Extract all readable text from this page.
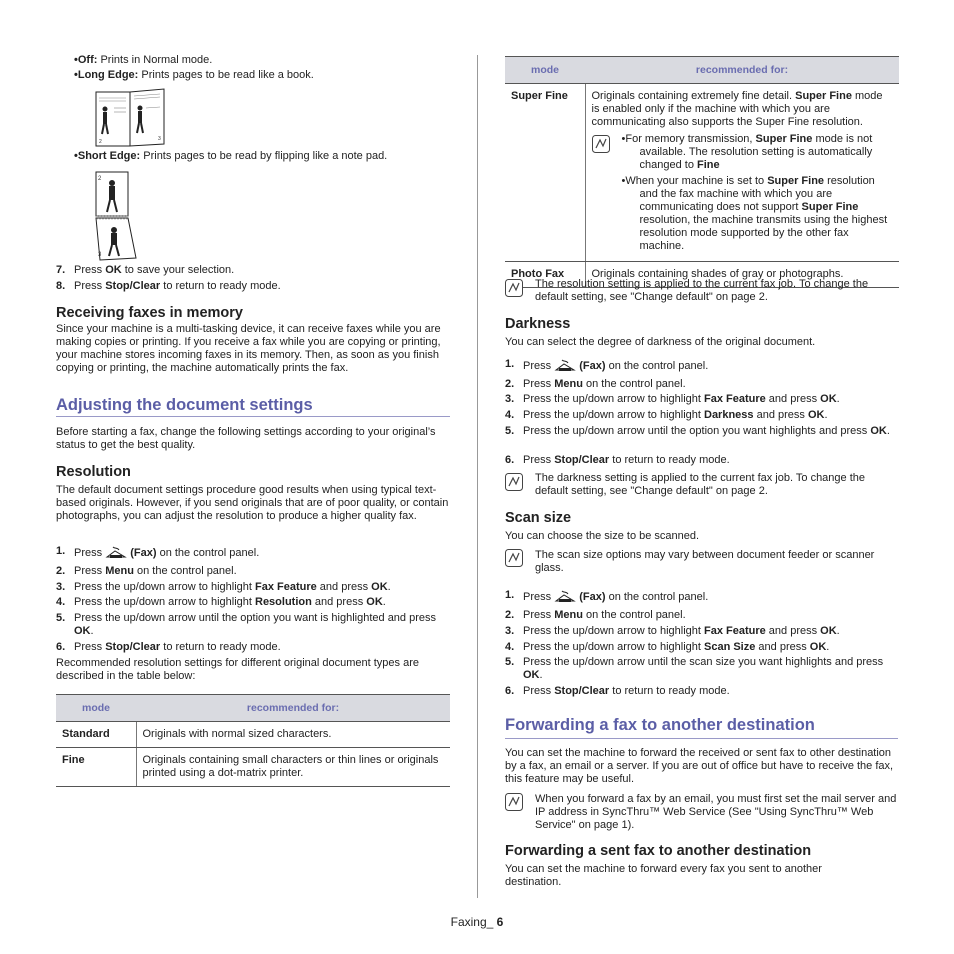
•Off: Prints in Normal mode.
•Long Edge: Prints pages to be read like a book.
2	3
•Short Edge: Prints pages to be read by flipping like a note pad.
2
3
7. Press OK to save your selection.
8. Press Stop/Clear to return to ready mode.
Receiving faxes in memory

Since your machine is a multi-tasking device, it can receive faxes while you are making copies or printing. If you receive a fax while you are copying or printing, your machine stores incoming faxes in its memory. Then, as soon as you finish copying or printing, the machine automatically prints the fax.

Adjusting the document settings

Before starting a fax, change the following settings according to your original’s status to get the best quality.

Resolution

The default document settings procedure good results when using typical text-based originals. However, if you send originals that are of poor quality, or contain photographs, you can adjust the resolution to produce a higher quality fax.

1. Press  (Fax) on the control panel.
2. Press Menu on the control panel.
3. Press the up/down arrow to highlight Fax Feature and press OK.
4. Press the up/down arrow to highlight Resolution and press OK.
5. Press the up/down arrow until the option you want is highlighted and press OK.
6. Press Stop/Clear to return to ready mode.

Recommended resolution settings for different original document types are described in the table below:

mode	recommended for:
Standard	Originals with normal sized characters.
Fine	Originals containing small characters or thin lines or originals printed using a dot-matrix printer.
mode	recommended for:
Super Fine	Originals containing extremely fine detail. Super Fine mode is enabled only if the machine with which you are communicating also supports the Super Fine resolution.
•For memory transmission, Super Fine mode is not available. The resolution setting is automatically changed to Fine
•When your machine is set to Super Fine resolution and the fax machine with which you are communicating does not support Super Fine resolution, the machine transmits using the highest resolution mode supported by the other fax machine.

Photo Fax	Originals containing shades of gray or photographs.

The resolution setting is applied to the current fax job. To change the default setting, see "Change default" on page 2.

Darkness

You can select the degree of darkness of the original document.

1. Press  (Fax) on the control panel.
2. Press Menu on the control panel.
3. Press the up/down arrow to highlight Fax Feature and press OK.
4. Press the up/down arrow to highlight Darkness and press OK.
5. Press the up/down arrow until the option you want highlights and press OK.
6. Press Stop/Clear to return to ready mode.

The darkness setting is applied to the current fax job. To change the default setting, see "Change default" on page 2.

Scan size

You can choose the size to be scanned.

The scan size options may vary between document feeder or scanner glass.

1. Press  (Fax) on the control panel.
2. Press Menu on the control panel.
3. Press the up/down arrow to highlight Fax Feature and press OK.
4. Press the up/down arrow to highlight Scan Size and press OK.
5. Press the up/down arrow until the scan size you want highlights and press OK.
6. Press Stop/Clear to return to ready mode.
Forwarding a fax to another destination

You can set the machine to forward the received or sent fax to other destination by a fax, an email or a server. If you are out of office but have to receive the fax, this feature may be useful.

When you forward a fax by an email, you must first set the mail server and IP address in SyncThru™ Web Service (See "Using SyncThru™ Web Service" on page 1).

Forwarding a sent fax to another destination

You can set the machine to forward every fax you sent to another destination.

Faxing_ 6
